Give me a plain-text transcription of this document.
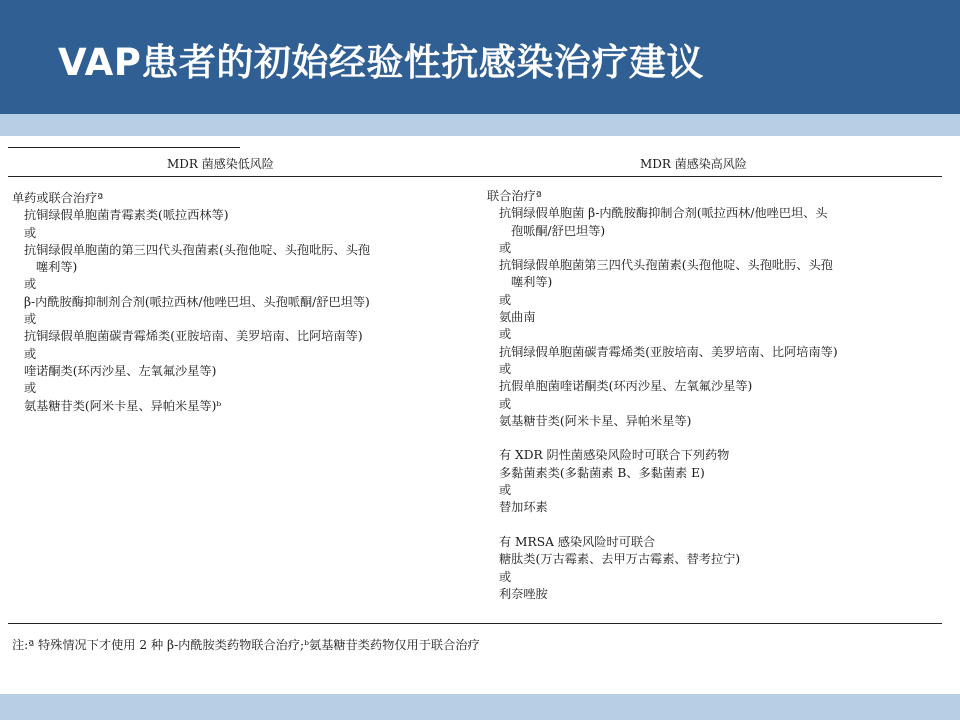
VAP患者的初始经验性抗感染治疗建议
MDR 菌感染低风险	MDR 菌感染高风险
单药或联合治疗ª
抗铜绿假单胞菌青霉素类(哌拉西林等)
或
抗铜绿假单胞菌的第三四代头孢菌素(头孢他啶、头孢吡肟、头孢
噻利等)
或
β-内酰胺酶抑制剂合剂(哌拉西林/他唑巴坦、头孢哌酮/舒巴坦等)
或
抗铜绿假单胞菌碳青霉烯类(亚胺培南、美罗培南、比阿培南等)
或
喹诺酮类(环丙沙星、左氧氟沙星等)
或
氨基糖苷类(阿米卡星、异帕米星等)ᵇ
联合治疗ª
抗铜绿假单胞菌 β-内酰胺酶抑制合剂(哌拉西林/他唑巴坦、头
孢哌酮/舒巴坦等)
或
抗铜绿假单胞菌第三四代头孢菌素(头孢他啶、头孢吡肟、头孢
噻利等)
或
氨曲南
或
抗铜绿假单胞菌碳青霉烯类(亚胺培南、美罗培南、比阿培南等)
或
抗假单胞菌喹诺酮类(环丙沙星、左氧氟沙星等)
或
氨基糖苷类(阿米卡星、异帕米星等)
有 XDR 阴性菌感染风险时可联合下列药物
多黏菌素类(多黏菌素 B、多黏菌素 E)
或
替加环素
有 MRSA 感染风险时可联合
糖肽类(万古霉素、去甲万古霉素、替考拉宁)
或
利奈唑胺
注:ª 特殊情况下才使用 2 种 β-内酰胺类药物联合治疗;ᵇ氨基糖苷类药物仅用于联合治疗
